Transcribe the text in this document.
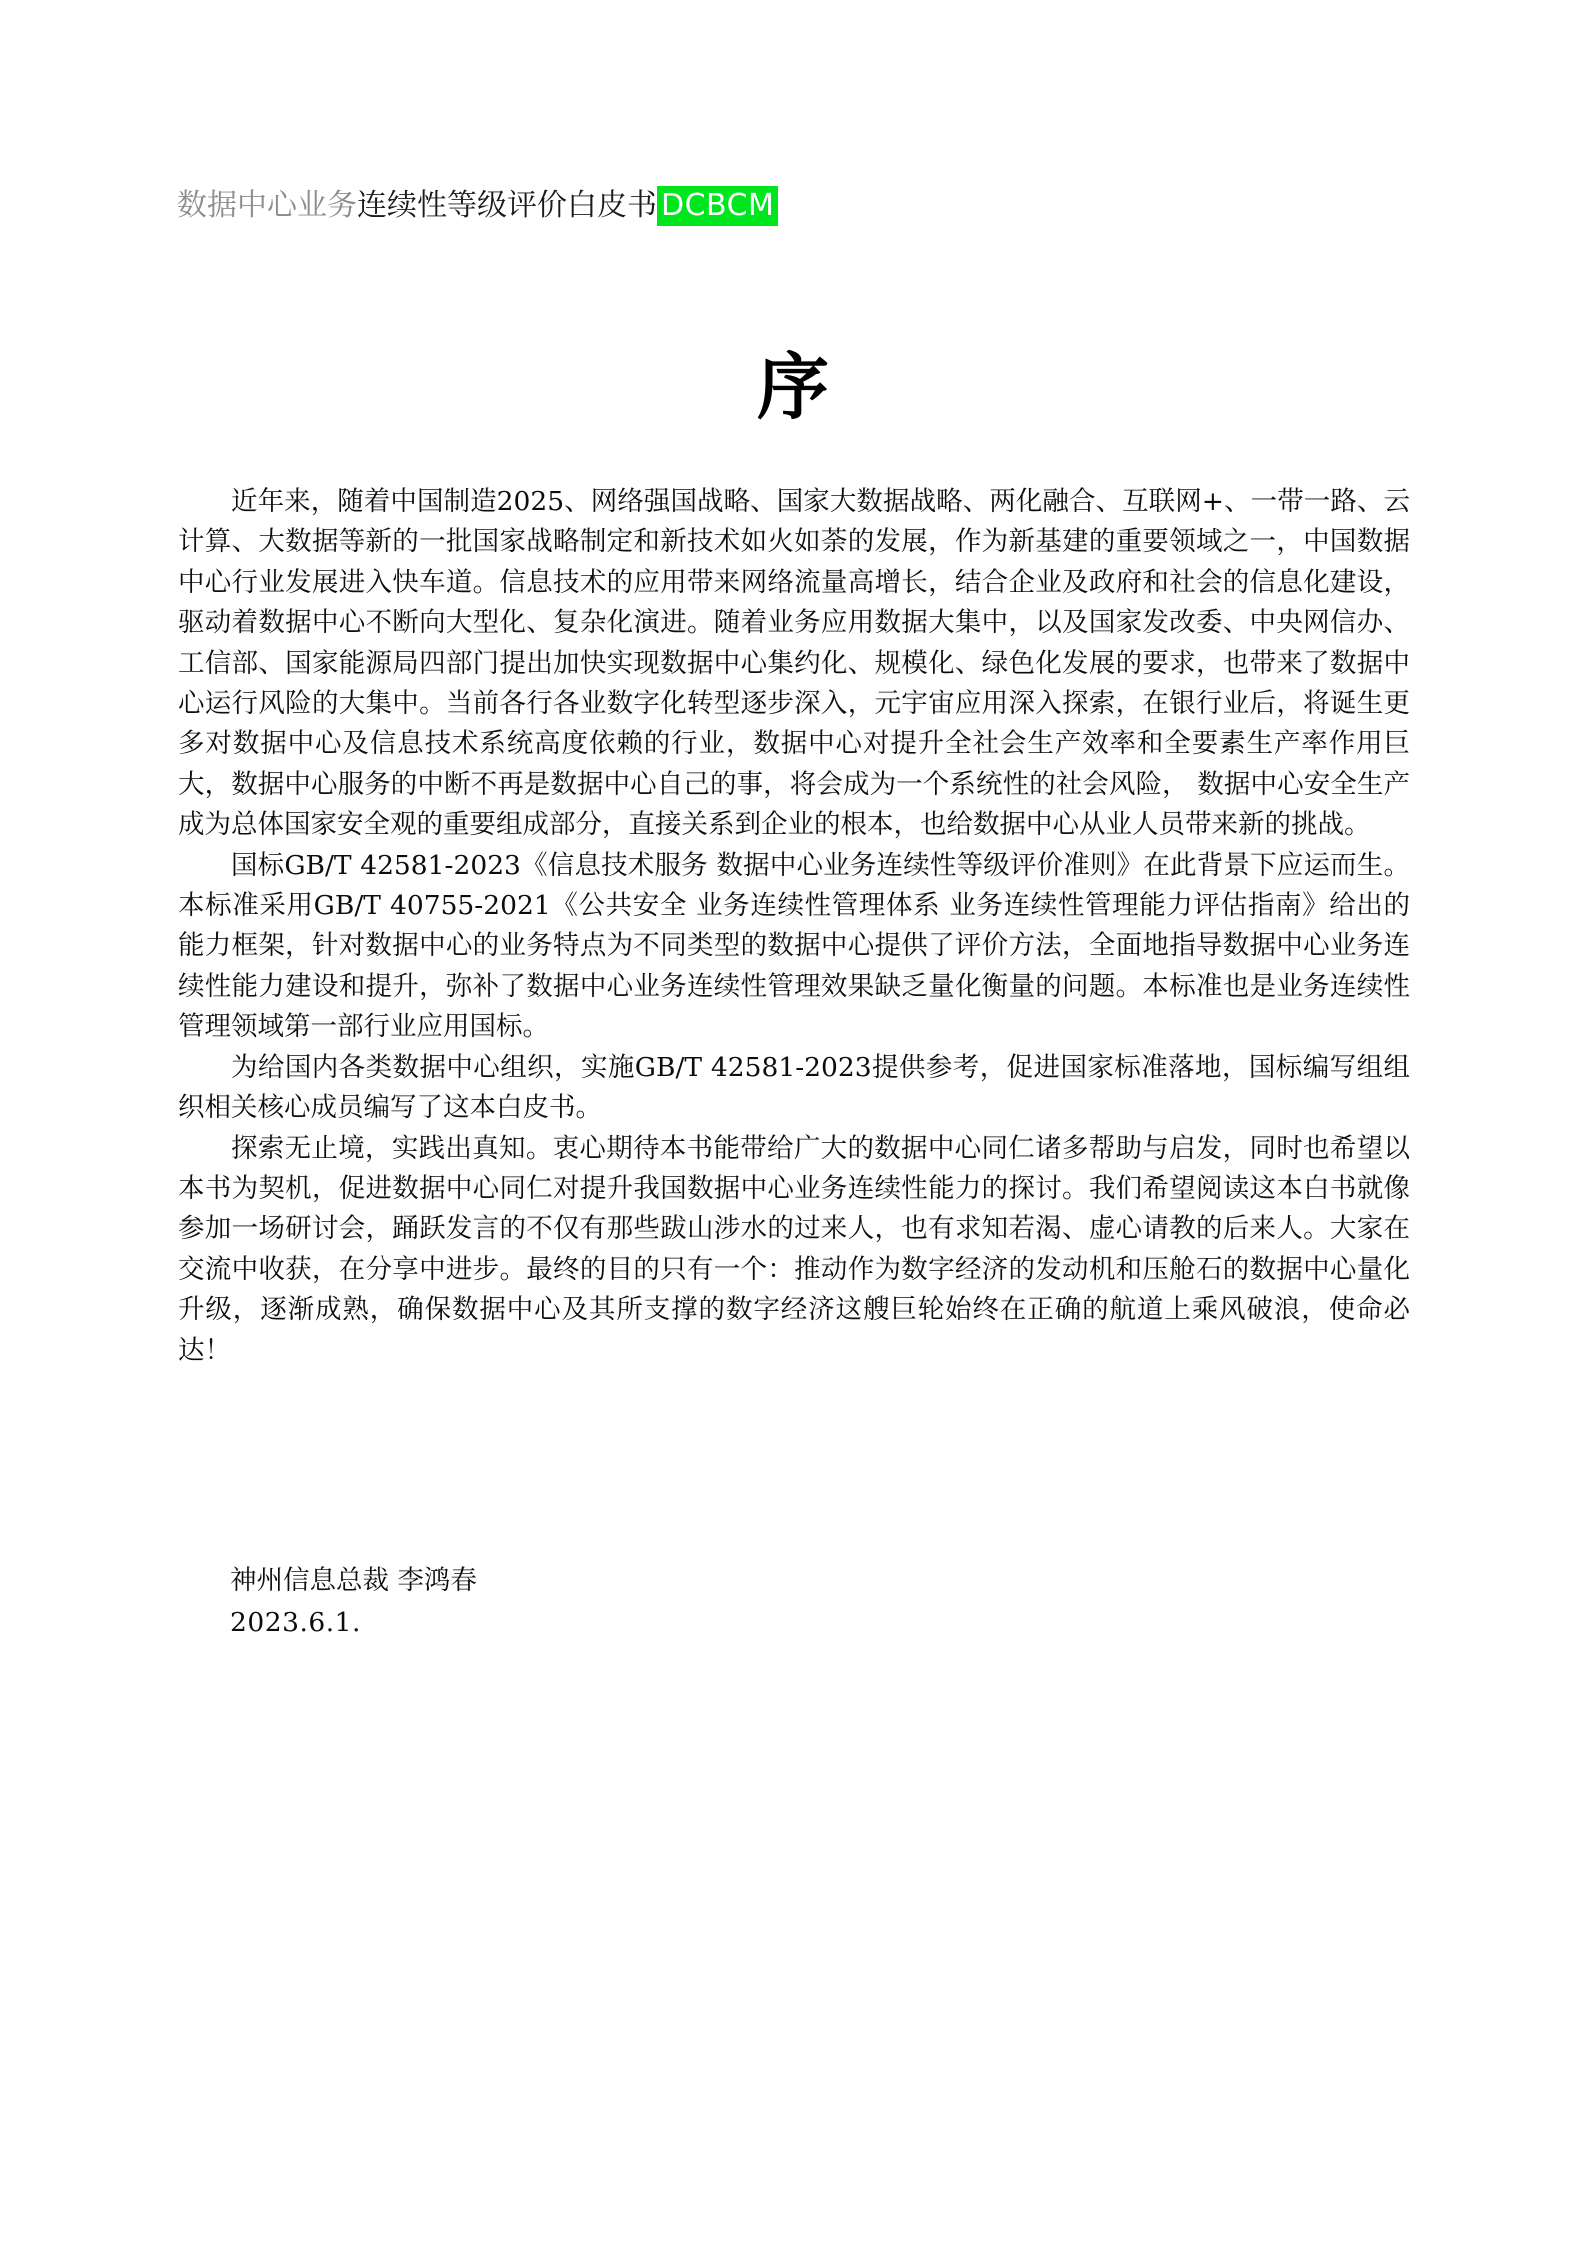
数据中心业务连续性等级评价白皮书 DCBCM
序

近年来，随着中国制造2025、网络强国战略、国家大数据战略、两化融合、互联网+、一带一路、云计算、大数据等新的一批国家战略制定和新技术如火如荼的发展，作为新基建的重要领域之一，中国数据中心行业发展进入快车道。信息技术的应用带来网络流量高增长，结合企业及政府和社会的信息化建设，驱动着数据中心不断向大型化、复杂化演进。随着业务应用数据大集中，以及国家发改委、中央网信办、工信部、国家能源局四部门提出加快实现数据中心集约化、规模化、绿色化发展的要求，也带来了数据中心运行风险的大集中。当前各行各业数字化转型逐步深入，元宇宙应用深入探索，在银行业后，将诞生更多对数据中心及信息技术系统高度依赖的行业，数据中心对提升全社会生产效率和全要素生产率作用巨大，数据中心服务的中断不再是数据中心自己的事，将会成为一个系统性的社会风险， 数据中心安全生产成为总体国家安全观的重要组成部分，直接关系到企业的根本，也给数据中心从业人员带来新的挑战。

国标GB/T 42581-2023《信息技术服务 数据中心业务连续性等级评价准则》在此背景下应运而生。本标准采用GB/T 40755-2021《公共安全 业务连续性管理体系 业务连续性管理能力评估指南》给出的能力框架，针对数据中心的业务特点为不同类型的数据中心提供了评价方法，全面地指导数据中心业务连续性能力建设和提升，弥补了数据中心业务连续性管理效果缺乏量化衡量的问题。本标准也是业务连续性管理领域第一部行业应用国标。

为给国内各类数据中心组织，实施GB/T 42581-2023提供参考，促进国家标准落地，国标编写组组织相关核心成员编写了这本白皮书。

探索无止境，实践出真知。衷心期待本书能带给广大的数据中心同仁诸多帮助与启发，同时也希望以本书为契机，促进数据中心同仁对提升我国数据中心业务连续性能力的探讨。我们希望阅读这本白书就像参加一场研讨会，踊跃发言的不仅有那些跋山涉水的过来人，也有求知若渴、虚心请教的后来人。大家在交流中收获，在分享中进步。最终的目的只有一个：推动作为数字经济的发动机和压舱石的数据中心量化升级，逐渐成熟，确保数据中心及其所支撑的数字经济这艘巨轮始终在正确的航道上乘风破浪，使命必达！

神州信息总裁 李鸿春
2023.6.1.
